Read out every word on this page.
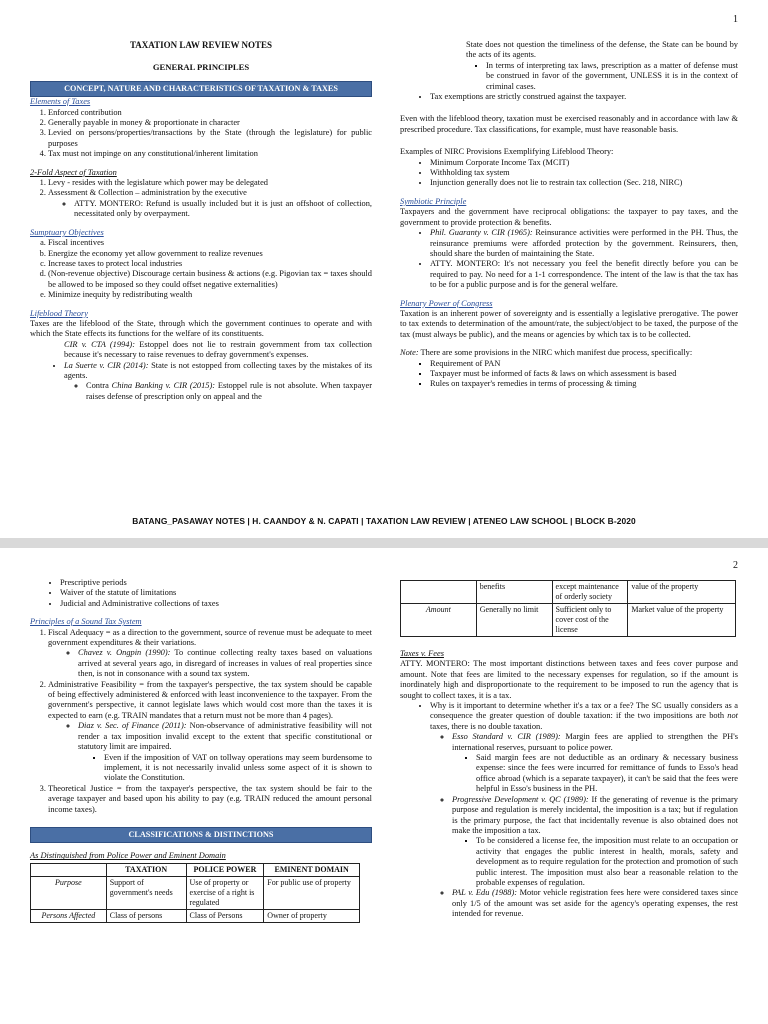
1

TAXATION LAW REVIEW NOTES

GENERAL PRINCIPLES

CONCEPT, NATURE AND CHARACTERISTICS OF TAXATION & TAXES

Elements of Taxes

1. Enforced contribution
2. Generally payable in money & proportionate in character
3. Levied on persons/properties/transactions by the State (through the legislature) for public purposes
4. Tax must not impinge on any constitutional/inherent limitation

2-Fold Aspect of Taxation

1. Levy - resides with the legislature which power may be delegated
2. Assessment & Collection – administration by the executive
◦ ATTY. MONTERO: Refund is usually included but it is just an offshoot of collection, necessitated only by overpayment.

Sumptuary Objectives

a. Fiscal incentives
b. Energize the economy yet allow government to realize revenues
c. Increase taxes to protect local industries
d. (Non-revenue objective) Discourage certain business & actions (e.g. Pigovian tax = taxes should be allowed to be imposed so they could offset negative externalities)
e. Minimize inequity by redistributing wealth

Lifeblood Theory

Taxes are the lifeblood of the State, through which the government continues to operate and with which the State effects its functions for the welfare of its constituents.

CIR v. CTA (1994): Estoppel does not lie to restrain government from tax collection because it's necessary to raise revenues to defray government's expenses.

• La Suerte v. CIR (2014): State is not estopped from collecting taxes by the mistakes of its agents.
◦ Contra China Banking v. CIR (2015): Estoppel rule is not absolute. When taxpayer raises defense of prescription only on appeal and the

State does not question the timeliness of the defense, the State can be bound by the acts of its agents.

▪ In terms of interpreting tax laws, prescription as a matter of defense must be construed in favor of the government, UNLESS it is in the context of criminal cases.
• Tax exemptions are strictly construed against the taxpayer.

Even with the lifeblood theory, taxation must be exercised reasonably and in accordance with law & prescribed procedure. Tax classifications, for example, must have reasonable basis.

Examples of NIRC Provisions Exemplifying Lifeblood Theory:

• Minimum Corporate Income Tax (MCIT)
• Withholding tax system
• Injunction generally does not lie to restrain tax collection (Sec. 218, NIRC)

Symbiotic Principle

Taxpayers and the government have reciprocal obligations: the taxpayer to pay taxes, and the government to provide protection & benefits.

• Phil. Guaranty v. CIR (1965): Reinsurance activities were performed in the PH. Thus, the reinsurance premiums were afforded protection by the government. Reinsurers, then, should share the burden of maintaining the State.
• ATTY. MONTERO: It's not necessary you feel the benefit directly before you can be required to pay. No need for a 1-1 correspondence. The intent of the law is that the tax has to be for a public purpose and is for the general welfare.

Plenary Power of Congress

Taxation is an inherent power of sovereignty and is essentially a legislative prerogative. The power to tax extends to determination of the amount/rate, the subject/object to be taxed, the purpose of the tax (must always be public), and the means or agencies by which tax is to be collected.

Note: There are some provisions in the NIRC which manifest due process, specifically:

▪ Requirement of PAN
▪ Taxpayer must be informed of facts & laws on which assessment is based
▪ Rules on taxpayer's remedies in terms of processing & timing
BATANG_PASAWAY NOTES | H. CAANDOY & N. CAPATI | TAXATION LAW REVIEW | ATENEO LAW SCHOOL | BLOCK B-2020
2
• Prescriptive periods
• Waiver of the statute of limitations
• Judicial and Administrative collections of taxes

Principles of a Sound Tax System

1. Fiscal Adequacy = as a direction to the government, source of revenue must be adequate to meet government expenditures & their variations.
◦ Chavez v. Ongpin (1990): To continue collecting realty taxes based on valuations arrived at several years ago, in disregard of increases in values of real properties since then, is not in consonance with a sound tax system.
2. Administrative Feasibility = from the taxpayer's perspective, the tax system should be capable of being effectively administered & enforced with least inconvenience to the taxpayer. From the government's perspective, it cannot legislate laws which would cost more than the taxes it is expected to earn (e.g. TRAIN mandates that a return must not be more than 4 pages).
◦ Diaz v. Sec. of Finance (2011): Non-observance of administrative feasibility will not render a tax imposition invalid except to the extent that specific constitutional or statutory limit are impaired.
▪ Even if the imposition of VAT on tollway operations may seem burdensome to implement, it is not necessarily invalid unless some aspect of it is shown to violate the Constitution.
3. Theoretical Justice = from the taxpayer's perspective, the tax system should be fair to the average taxpayer and based upon his ability to pay (e.g. TRAIN reduced the amount personal income taxes).

CLASSIFICATIONS & DISTINCTIONS

As Distinguished from Police Power and Eminent Domain

	TAXATION	POLICE POWER	EMINENT DOMAIN
Purpose	Support of government's needs	Use of property or exercise of a right is regulated	For public use of property
Persons Affected	Class of persons	Class of Persons	Owner of property
	benefits	except maintenance of orderly society	value of the property
Amount	Generally no limit	Sufficient only to cover cost of the license	Market value of the property

Taxes v. Fees

ATTY. MONTERO: The most important distinctions between taxes and fees cover purpose and amount. Note that fees are limited to the necessary expenses for regulation, so if the amount is inordinately high and disproportionate to the requirement to be imposed to run the agency that is sought to collect taxes, it is a tax.

• Why is it important to determine whether it's a tax or a fee? The SC usually considers as a consequence the greater question of double taxation: if the two impositions are both not taxes, there is no double taxation.
◦ Esso Standard v. CIR (1989): Margin fees are applied to strengthen the PH's international reserves, pursuant to police power.
▪ Said margin fees are not deductible as an ordinary & necessary business expense: since the fees were incurred for remittance of funds to Esso's head office abroad (which is a separate taxpayer), it can't be said that the fees were helpful in Esso's business in the PH.
◦ Progressive Development v. QC (1989): If the generating of revenue is the primary purpose and regulation is merely incidental, the imposition is a tax; but if regulation is the primary purpose, the fact that incidentally revenue is also obtained does not make the imposition a tax.
▪ To be considered a license fee, the imposition must relate to an occupation or activity that engages the public interest in health, morals, safety and development as to require regulation for the protection and promotion of such public interest. The imposition must also bear a reasonable relation to the probable expenses of regulation.
◦ PAL v. Edu (1988): Motor vehicle registration fees here were considered taxes since only 1/5 of the amount was set aside for the agency's operating expenses, the rest intended for revenue.
